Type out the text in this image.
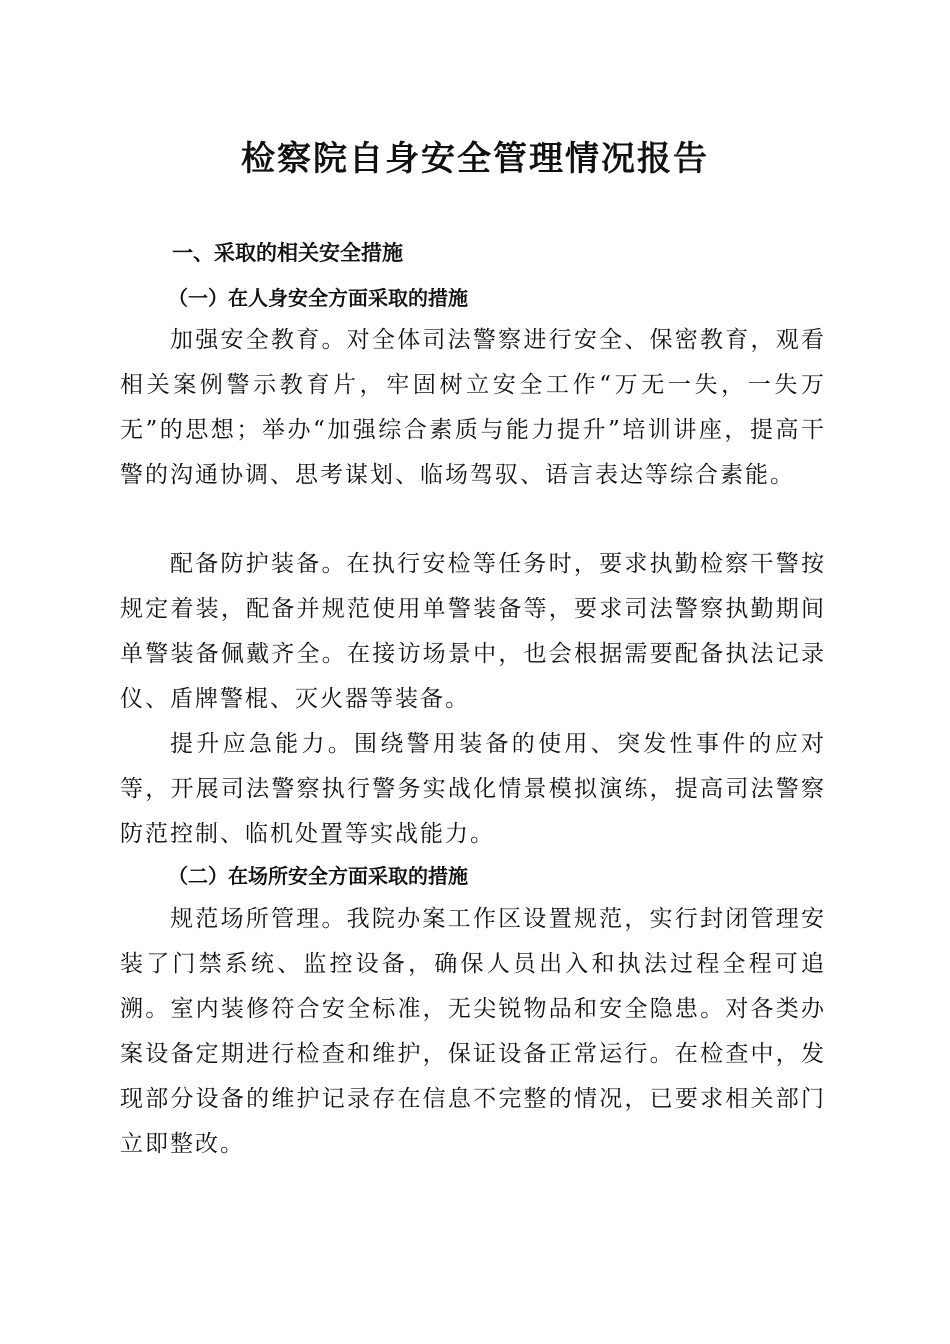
检察院自身安全管理情况报告
一、采取的相关安全措施
（一）在人身安全方面采取的措施

加强安全教育。对全体司法警察进行安全、保密教育，观看相关案例警示教育片，牢固树立安全工作“万无一失，一失万无”的思想；举办“加强综合素质与能力提升”培训讲座，提高干警的沟通协调、思考谋划、临场驾驭、语言表达等综合素能。

配备防护装备。在执行安检等任务时，要求执勤检察干警按规定着装，配备并规范使用单警装备等，要求司法警察执勤期间单警装备佩戴齐全。在接访场景中，也会根据需要配备执法记录仪、盾牌警棍、灭火器等装备。

提升应急能力。围绕警用装备的使用、突发性事件的应对等，开展司法警察执行警务实战化情景模拟演练，提高司法警察防范控制、临机处置等实战能力。

（二）在场所安全方面采取的措施

规范场所管理。我院办案工作区设置规范，实行封闭管理安装了门禁系统、监控设备，确保人员出入和执法过程全程可追溯。室内装修符合安全标准，无尖锐物品和安全隐患。对各类办案设备定期进行检查和维护，保证设备正常运行。在检查中，发现部分设备的维护记录存在信息不完整的情况，已要求相关部门立即整改。
